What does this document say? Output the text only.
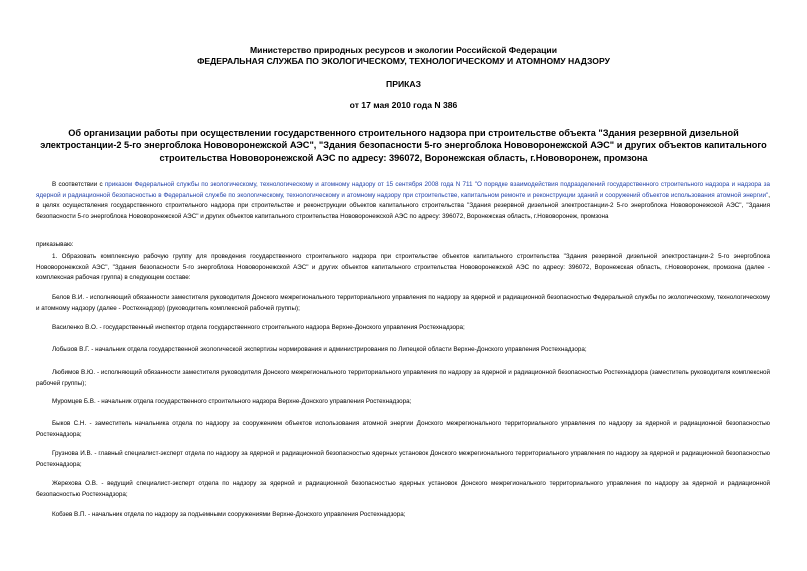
Министерство природных ресурсов и экологии Российской Федерации
ФЕДЕРАЛЬНАЯ СЛУЖБА ПО ЭКОЛОГИЧЕСКОМУ, ТЕХНОЛОГИЧЕСКОМУ И АТОМНОМУ НАДЗОРУ
ПРИКАЗ
от 17 мая 2010 года N 386
Об организации работы при осуществлении государственного строительного надзора при строительстве объекта "Здания резервной дизельной электростанции-2 5-го энергоблока Нововоронежской АЭС", "Здания безопасности 5-го энергоблока Нововоронежской АЭС" и других объектов капитального строительства Нововоронежской АЭС по адресу: 396072, Воронежская область, г.Нововоронеж, промзона
В соответствии с приказом Федеральной службы по экологическому, технологическому и атомному надзору от 15 сентября 2008 года N 711 "О порядке взаимодействия подразделений государственного строительного надзора и надзора за ядерной и радиационной безопасностью в Федеральной службе по экологическому, технологическому и атомному надзору при строительстве, капитальном ремонте и реконструкции зданий и сооружений объектов использования атомной энергии", в целях осуществления государственного строительного надзора при строительстве и реконструкции объектов капитального строительства "Здания резервной дизельной электростанции-2 5-го энергоблока Нововоронежской АЭС", "Здания безопасности 5-го энергоблока Нововоронежской АЭС" и других объектов капитального строительства Нововоронежской АЭС по адресу: 396072, Воронежская область, г.Нововоронеж, промзона
приказываю:
1. Образовать комплексную рабочую группу для проведения государственного строительного надзора при строительстве объектов капитального строительства "Здания резервной дизельной электростанции-2 5-го энергоблока Нововоронежской АЭС", "Здания безопасности 5-го энергоблока Нововоронежской АЭС" и других объектов капитального строительства Нововоронежской АЭС по адресу: 396072, Воронежская область, г.Нововоронеж, промзона (далее - комплексная рабочая группа) в следующем составе:
Белов В.И. - исполняющий обязанности заместителя руководителя Донского межрегионального территориального управления по надзору за ядерной и радиационной безопасностью Федеральной службы по экологическому, технологическому и атомному надзору (далее - Ростехнадзор) (руководитель комплексной рабочей группы);
Василенко В.О. - государственный инспектор отдела государственного строительного надзора Верхне-Донского управления Ростехнадзора;
Лобызов В.Г. - начальник отдела государственной экологической экспертизы нормирования и администрирования по Липецкой области Верхне-Донского управления Ростехнадзора;
Любимов В.Ю. - исполняющий обязанности заместителя руководителя Донского межрегионального территориального управления по надзору за ядерной и радиационной безопасностью Ростехнадзора (заместитель руководителя комплексной рабочей группы);
Муромцев Б.В. - начальник отдела государственного строительного надзора Верхне-Донского управления Ростехнадзора;
Быков С.Н. - заместитель начальника отдела по надзору за сооружением объектов использования атомной энергии Донского межрегионального территориального управления по надзору за ядерной и радиационной безопасностью Ростехнадзора;
Грузнова И.В. - главный специалист-эксперт отдела по надзору за ядерной и радиационной безопасностью ядерных установок Донского межрегионального территориального управления по надзору за ядерной и радиационной безопасностью Ростехнадзора;
Жерехова О.В. - ведущий специалист-эксперт отдела по надзору за ядерной и радиационной безопасностью ядерных установок Донского межрегионального территориального управления по надзору за ядерной и радиационной безопасностью Ростехнадзора;
Кобзев В.П. - начальник отдела по надзору за подъемными сооружениями Верхне-Донского управления Ростехнадзора;
